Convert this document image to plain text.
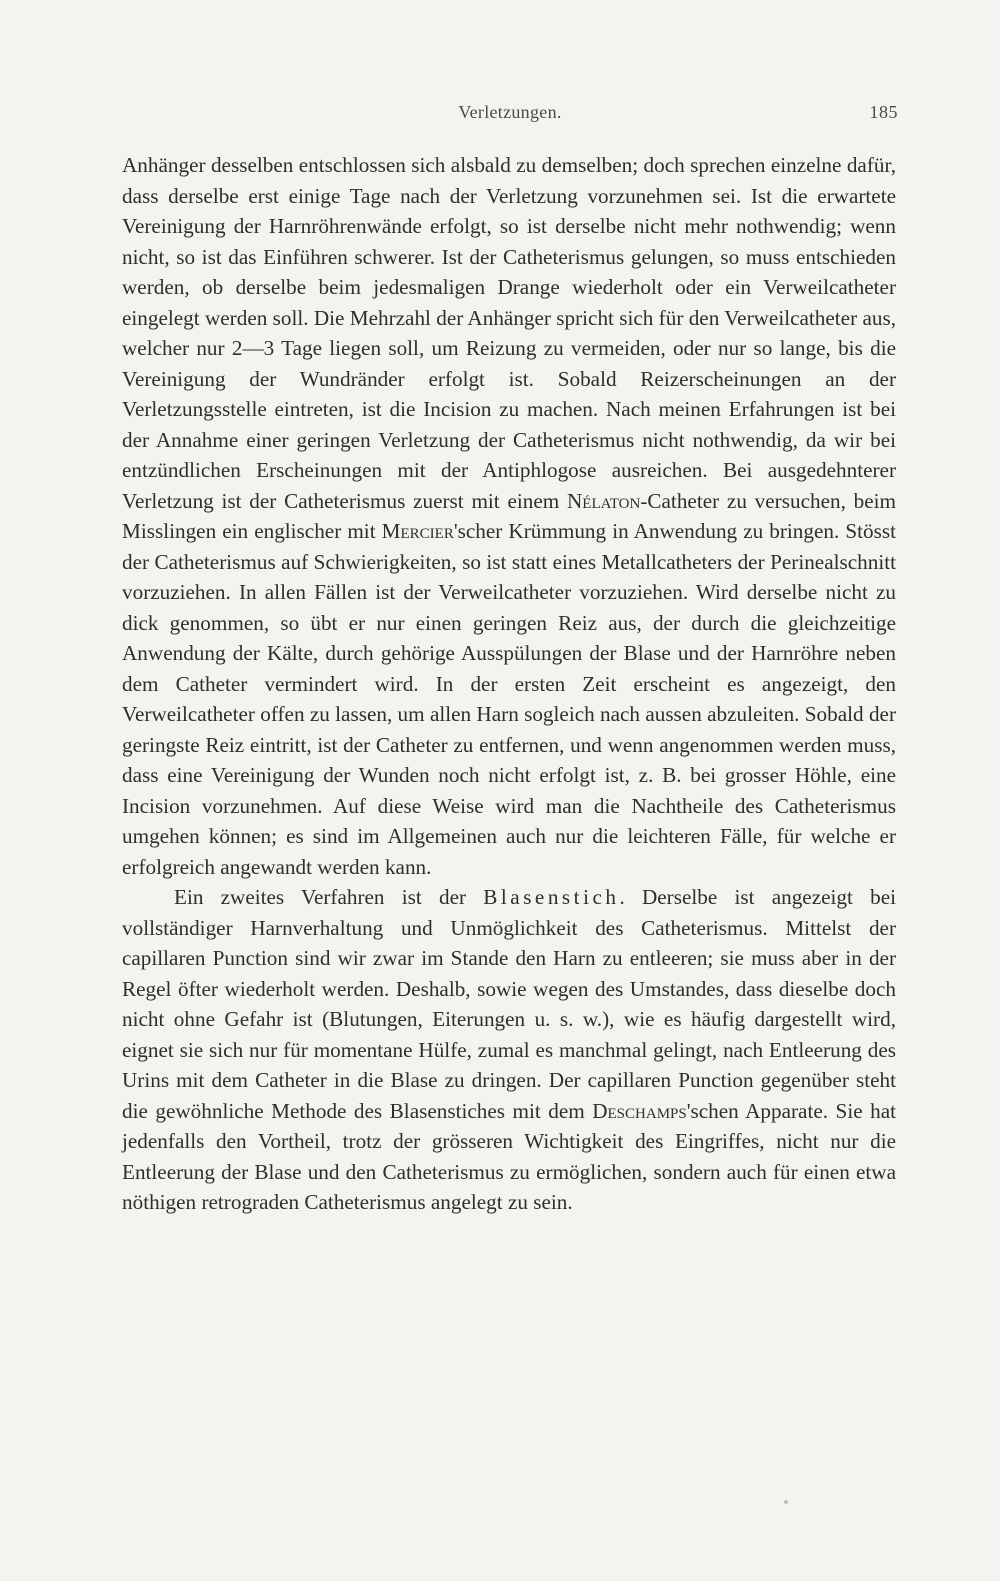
Verletzungen.	185

Anhänger desselben entschlossen sich alsbald zu demselben; doch sprechen einzelne dafür, dass derselbe erst einige Tage nach der Verletzung vorzunehmen sei. Ist die erwartete Vereinigung der Harnröhrenwände erfolgt, so ist derselbe nicht mehr nothwendig; wenn nicht, so ist das Einführen schwerer. Ist der Catheterismus gelungen, so muss entschieden werden, ob derselbe beim jedesmaligen Drange wiederholt oder ein Verweilcatheter eingelegt werden soll. Die Mehrzahl der Anhänger spricht sich für den Verweilcatheter aus, welcher nur 2—3 Tage liegen soll, um Reizung zu vermeiden, oder nur so lange, bis die Vereinigung der Wundränder erfolgt ist. Sobald Reizerscheinungen an der Verletzungsstelle eintreten, ist die Incision zu machen. Nach meinen Erfahrungen ist bei der Annahme einer geringen Verletzung der Catheterismus nicht nothwendig, da wir bei entzündlichen Erscheinungen mit der Antiphlogose ausreichen. Bei ausgedehnterer Verletzung ist der Catheterismus zuerst mit einem Nélaton-Catheter zu versuchen, beim Misslingen ein englischer mit Mercier'scher Krümmung in Anwendung zu bringen. Stösst der Catheterismus auf Schwierigkeiten, so ist statt eines Metallcatheters der Perinealschnitt vorzuziehen. In allen Fällen ist der Verweilcatheter vorzuziehen. Wird derselbe nicht zu dick genommen, so übt er nur einen geringen Reiz aus, der durch die gleichzeitige Anwendung der Kälte, durch gehörige Ausspülungen der Blase und der Harnröhre neben dem Catheter vermindert wird. In der ersten Zeit erscheint es angezeigt, den Verweilcatheter offen zu lassen, um allen Harn sogleich nach aussen abzuleiten. Sobald der geringste Reiz eintritt, ist der Catheter zu entfernen, und wenn angenommen werden muss, dass eine Vereinigung der Wunden noch nicht erfolgt ist, z. B. bei grosser Höhle, eine Incision vorzunehmen. Auf diese Weise wird man die Nachtheile des Catheterismus umgehen können; es sind im Allgemeinen auch nur die leichteren Fälle, für welche er erfolgreich angewandt werden kann.

Ein zweites Verfahren ist der Blasenstich. Derselbe ist angezeigt bei vollständiger Harnverhaltung und Unmöglichkeit des Catheterismus. Mittelst der capillaren Punction sind wir zwar im Stande den Harn zu entleeren; sie muss aber in der Regel öfter wiederholt werden. Deshalb, sowie wegen des Umstandes, dass dieselbe doch nicht ohne Gefahr ist (Blutungen, Eiterungen u. s. w.), wie es häufig dargestellt wird, eignet sie sich nur für momentane Hülfe, zumal es manchmal gelingt, nach Entleerung des Urins mit dem Catheter in die Blase zu dringen. Der capillaren Punction gegenüber steht die gewöhnliche Methode des Blasenstiches mit dem Deschamps'schen Apparate. Sie hat jedenfalls den Vortheil, trotz der grösseren Wichtigkeit des Eingriffes, nicht nur die Entleerung der Blase und den Catheterismus zu ermöglichen, sondern auch für einen etwa nöthigen retrograden Catheterismus angelegt zu sein.
